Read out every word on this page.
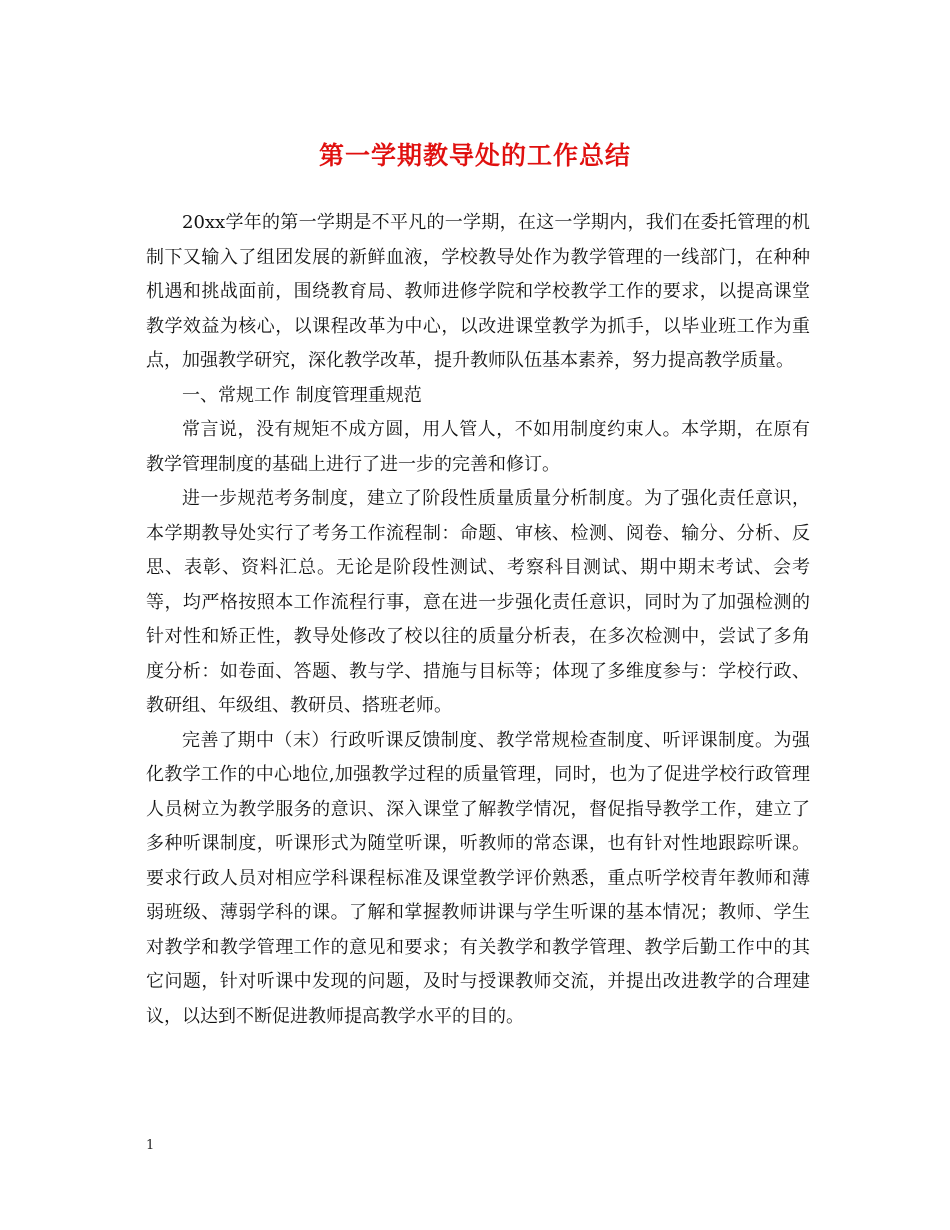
第一学期教导处的工作总结

20xx学年的第一学期是不平凡的一学期，在这一学期内，我们在委托管理的机制下又输入了组团发展的新鲜血液，学校教导处作为教学管理的一线部门，在种种机遇和挑战面前，围绕教育局、教师进修学院和学校教学工作的要求，以提高课堂教学效益为核心，以课程改革为中心，以改进课堂教学为抓手，以毕业班工作为重点，加强教学研究，深化教学改革，提升教师队伍基本素养，努力提高教学质量。

一、常规工作 制度管理重规范

常言说，没有规矩不成方圆，用人管人，不如用制度约束人。本学期，在原有教学管理制度的基础上进行了进一步的完善和修订。

进一步规范考务制度，建立了阶段性质量质量分析制度。为了强化责任意识，本学期教导处实行了考务工作流程制：命题、审核、检测、阅卷、输分、分析、反思、表彰、资料汇总。无论是阶段性测试、考察科目测试、期中期末考试、会考等，均严格按照本工作流程行事，意在进一步强化责任意识，同时为了加强检测的针对性和矫正性，教导处修改了校以往的质量分析表，在多次检测中，尝试了多角度分析：如卷面、答题、教与学、措施与目标等；体现了多维度参与：学校行政、教研组、年级组、教研员、搭班老师。

完善了期中（末）行政听课反馈制度、教学常规检查制度、听评课制度。为强化教学工作的中心地位,加强教学过程的质量管理，同时，也为了促进学校行政管理人员树立为教学服务的意识、深入课堂了解教学情况，督促指导教学工作，建立了多种听课制度，听课形式为随堂听课，听教师的常态课，也有针对性地跟踪听课。要求行政人员对相应学科课程标准及课堂教学评价熟悉，重点听学校青年教师和薄弱班级、薄弱学科的课。了解和掌握教师讲课与学生听课的基本情况；教师、学生对教学和教学管理工作的意见和要求；有关教学和教学管理、教学后勤工作中的其它问题，针对听课中发现的问题，及时与授课教师交流，并提出改进教学的合理建议，以达到不断促进教师提高教学水平的目的。

1
